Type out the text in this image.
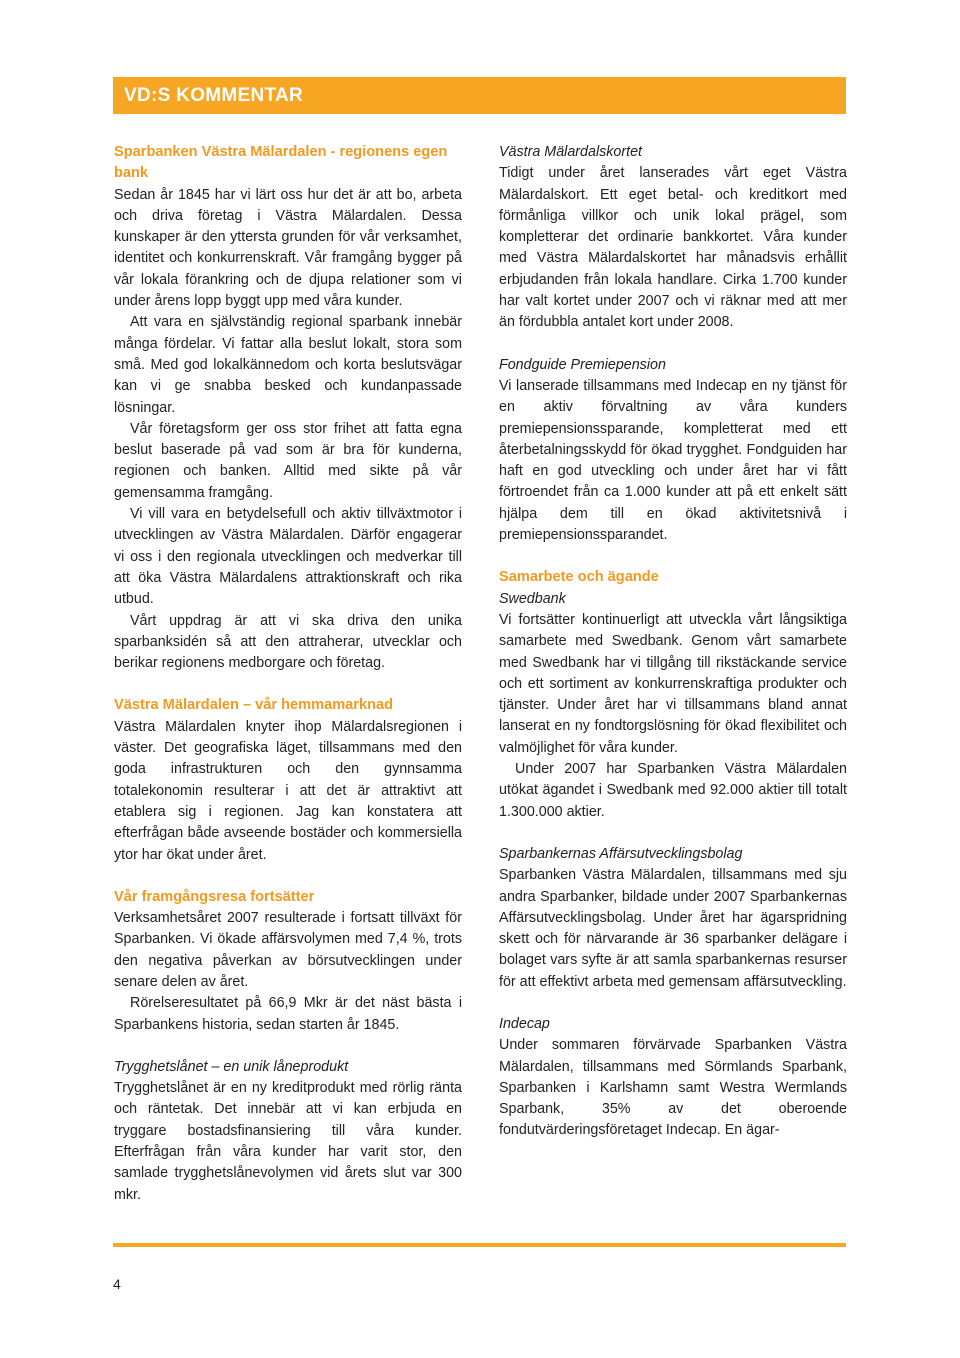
VD:S KOMMENTAR
Sparbanken Västra Mälardalen - regionens egen bank

Sedan år 1845 har vi lärt oss hur det är att bo, arbeta och driva företag i Västra Mälardalen. Dessa kunskaper är den yttersta grunden för vår verksamhet, identitet och konkurrenskraft. Vår framgång bygger på vår lokala förankring och de djupa relationer som vi under årens lopp byggt upp med våra kunder.

Att vara en självständig regional sparbank innebär många fördelar. Vi fattar alla beslut lokalt, stora som små. Med god lokalkännedom och korta beslutsvägar kan vi ge snabba besked och kundanpassade lösningar.

Vår företagsform ger oss stor frihet att fatta egna beslut baserade på vad som är bra för kunderna, regionen och banken. Alltid med sikte på vår gemensamma framgång.

Vi vill vara en betydelsefull och aktiv tillväxtmotor i utvecklingen av Västra Mälardalen. Därför engagerar vi oss i den regionala utvecklingen och medverkar till att öka Västra Mälardalens attraktionskraft och rika utbud.

Vårt uppdrag är att vi ska driva den unika sparbanksidén så att den attraherar, utvecklar och berikar regionens medborgare och företag.

Västra Mälardalen – vår hemmamarknad

Västra Mälardalen knyter ihop Mälardalsregionen i väster. Det geografiska läget, tillsammans med den goda infrastrukturen och den gynnsamma totalekonomin resulterar i att det är attraktivt att etablera sig i regionen. Jag kan konstatera att efterfrågan både avseende bostäder och kommersiella ytor har ökat under året.

Vår framgångsresa fortsätter

Verksamhetsåret 2007 resulterade i fortsatt tillväxt för Sparbanken. Vi ökade affärsvolymen med 7,4 %, trots den negativa påverkan av börsutvecklingen under senare delen av året.

Rörelseresultatet på 66,9 Mkr är det näst bästa i Sparbankens historia, sedan starten år 1845.

Trygghetslånet – en unik låneprodukt

Trygghetslånet är en ny kreditprodukt med rörlig ränta och räntetak. Det innebär att vi kan erbjuda en tryggare bostadsfinansiering till våra kunder. Efterfrågan från våra kunder har varit stor, den samlade trygghetslånevolymen vid årets slut var 300 mkr.

Västra Mälardalskortet

Tidigt under året lanserades vårt eget Västra Mälardalskort. Ett eget betal- och kreditkort med förmånliga villkor och unik lokal prägel, som kompletterar det ordinarie bankkortet. Våra kunder med Västra Mälardalskortet har månadsvis erhållit erbjudanden från lokala handlare. Cirka 1.700 kunder har valt kortet under 2007 och vi räknar med att mer än fördubbla antalet kort under 2008.

Fondguide Premiepension

Vi lanserade tillsammans med Indecap en ny tjänst för en aktiv förvaltning av våra kunders premiepensionssparande, kompletterat med ett återbetalningsskydd för ökad trygghet. Fondguiden har haft en god utveckling och under året har vi fått förtroendet från ca 1.000 kunder att på ett enkelt sätt hjälpa dem till en ökad aktivitetsnivå i premiepensionssparandet.

Samarbete och ägande
Swedbank

Vi fortsätter kontinuerligt att utveckla vårt långsiktiga samarbete med Swedbank. Genom vårt samarbete med Swedbank har vi tillgång till rikstäckande service och ett sortiment av konkurrenskraftiga produkter och tjänster. Under året har vi tillsammans bland annat lanserat en ny fondtorgslösning för ökad flexibilitet och valmöjlighet för våra kunder.

Under 2007 har Sparbanken Västra Mälardalen utökat ägandet i Swedbank med 92.000 aktier till totalt 1.300.000 aktier.

Sparbankernas Affärsutvecklingsbolag

Sparbanken Västra Mälardalen, tillsammans med sju andra Sparbanker, bildade under 2007 Sparbankernas Affärsutvecklingsbolag. Under året har ägarspridning skett och för närvarande är 36 sparbanker delägare i bolaget vars syfte är att samla sparbankernas resurser för att effektivt arbeta med gemensam affärsutveckling.

Indecap

Under sommaren förvärvade Sparbanken Västra Mälardalen, tillsammans med Sörmlands Sparbank, Sparbanken i Karlshamn samt Westra Wermlands Sparbank, 35% av det oberoende fondutvärderingsföretaget Indecap. En ägar-

4
